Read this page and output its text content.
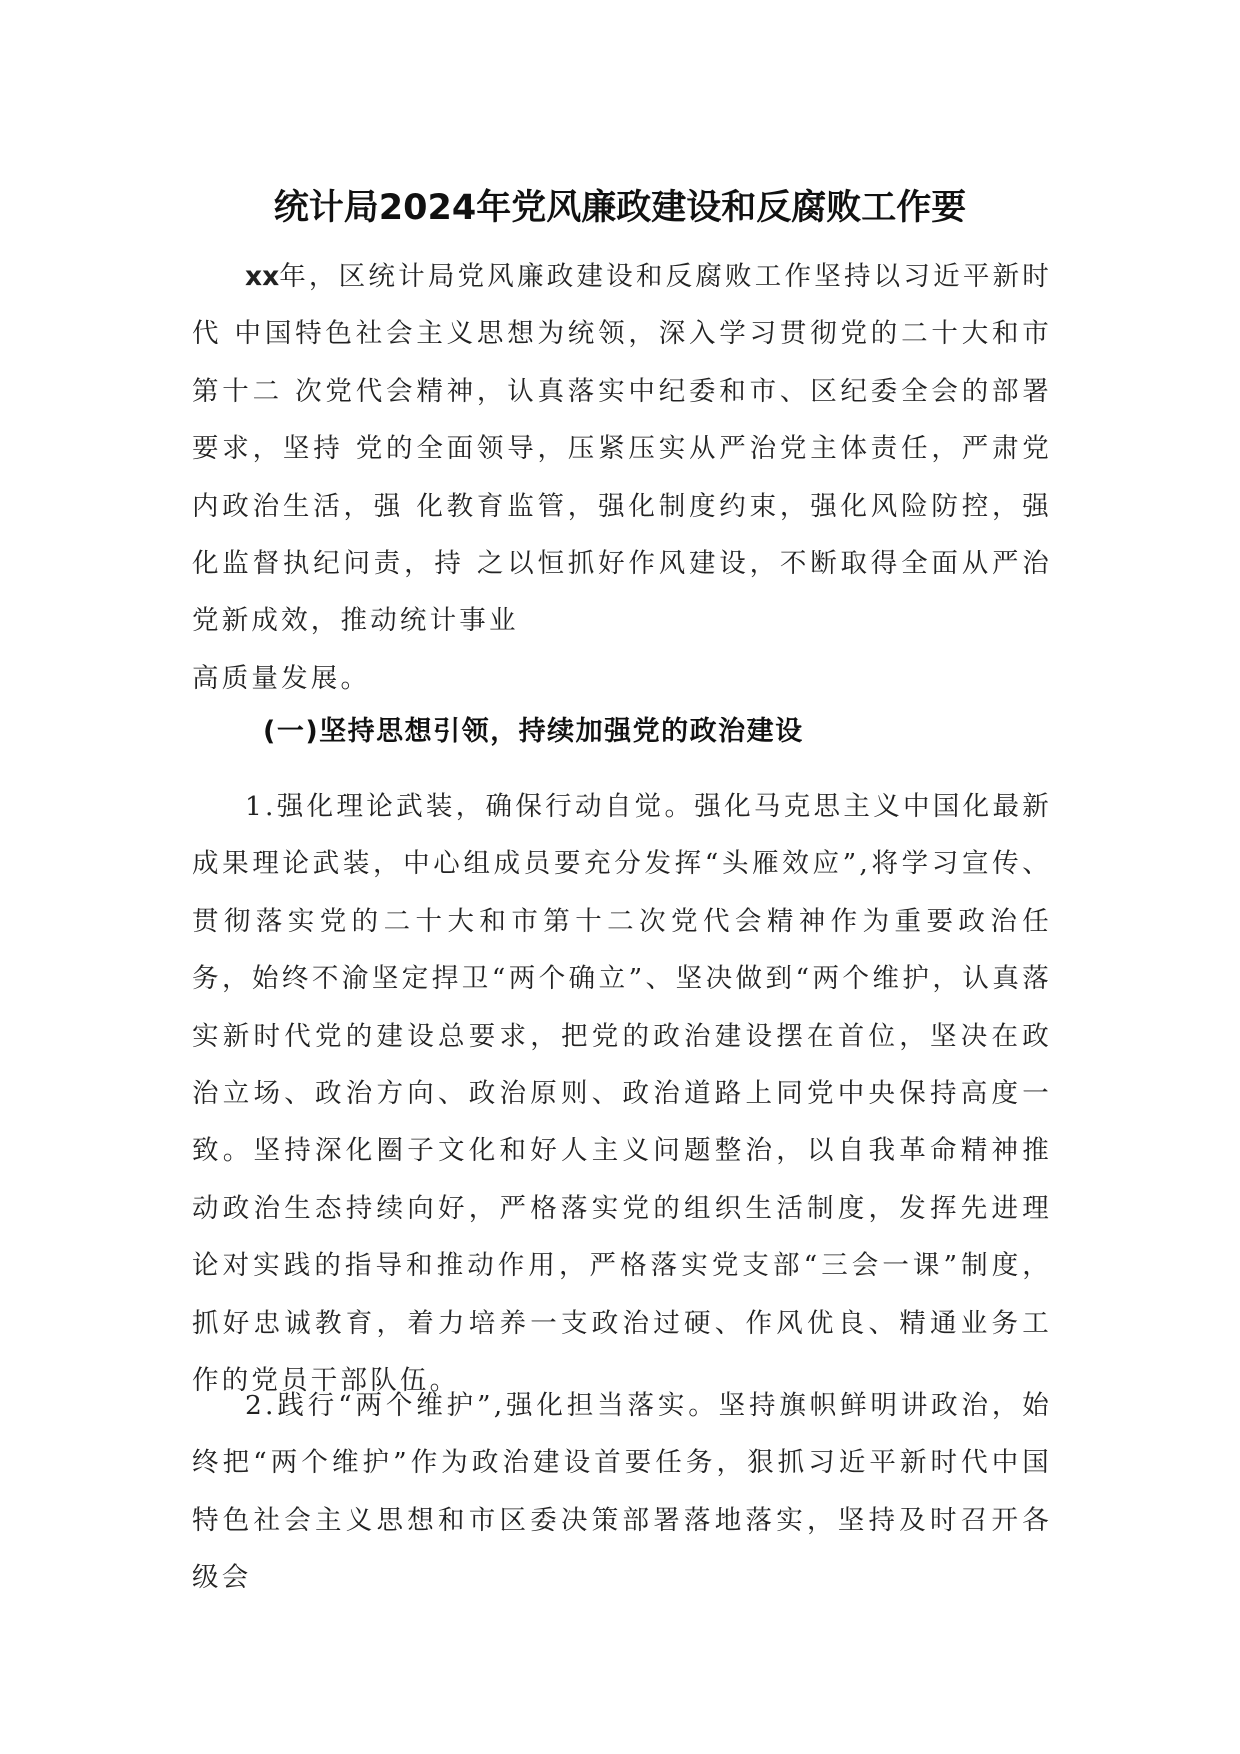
统计局2024年党风廉政建设和反腐败工作要
xx年，区统计局党风廉政建设和反腐败工作坚持以习近平新时代 中国特色社会主义思想为统领，深入学习贯彻党的二十大和市第十二 次党代会精神，认真落实中纪委和市、区纪委全会的部署要求，坚持 党的全面领导，压紧压实从严治党主体责任，严肃党内政治生活，强 化教育监管，强化制度约束，强化风险防控，强化监督执纪问责，持 之以恒抓好作风建设，不断取得全面从严治党新成效，推动统计事业
高质量发展。
(一)坚持思想引领，持续加强党的政治建设
1.强化理论武装，确保行动自觉。强化马克思主义中国化最新成果理论武装，中心组成员要充分发挥“头雁效应”,将学习宣传、贯彻落实党的二十大和市第十二次党代会精神作为重要政治任务，始终不渝坚定捍卫“两个确立”、坚决做到“两个维护，认真落实新时代党的建设总要求，把党的政治建设摆在首位，坚决在政治立场、政治方向、政治原则、政治道路上同党中央保持高度一致。坚持深化圈子文化和好人主义问题整治，以自我革命精神推动政治生态持续向好，严格落实党的组织生活制度，发挥先进理论对实践的指导和推动作用，严格落实党支部“三会一课”制度，抓好忠诚教育，着力培养一支政治过硬、作风优良、精通业务工作的党员干部队伍。
2.践行“两个维护”,强化担当落实。坚持旗帜鲜明讲政治，始终把“两个维护”作为政治建设首要任务，狠抓习近平新时代中国特色社会主义思想和市区委决策部署落地落实，坚持及时召开各级会
